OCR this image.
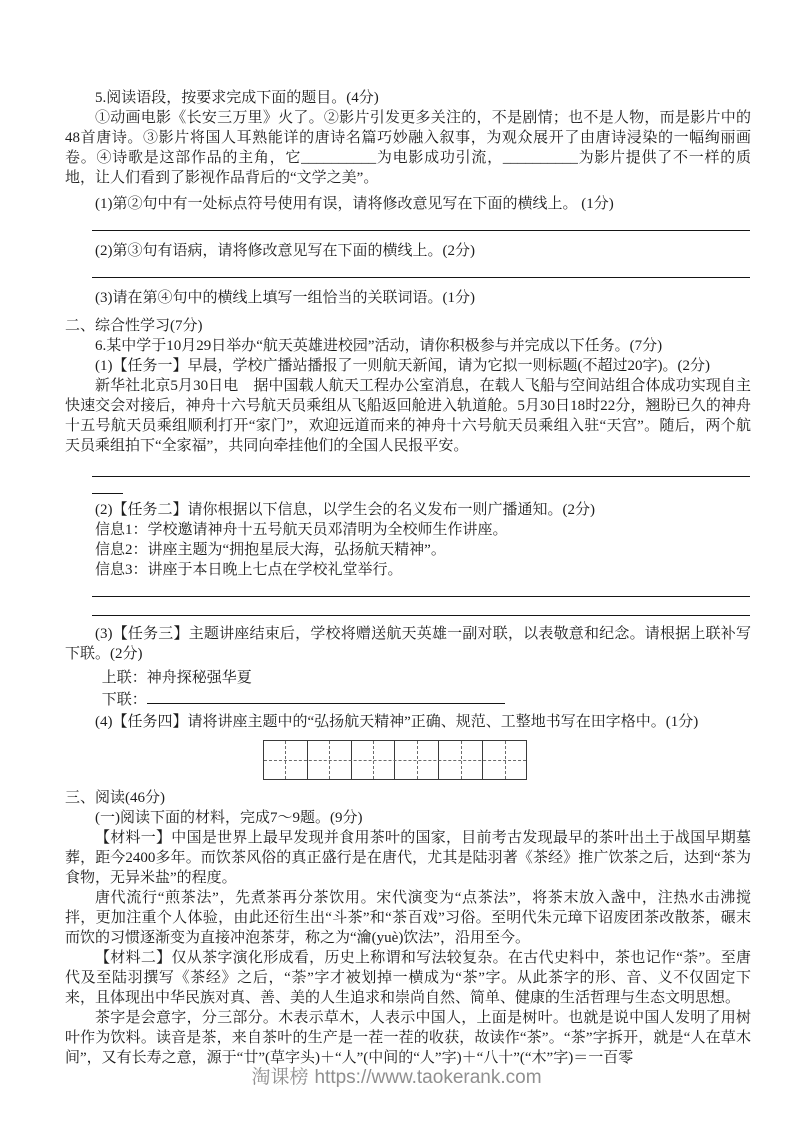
5.阅读语段，按要求完成下面的题目。(4分)

①动画电影《长安三万里》火了。②影片引发更多关注的，不是剧情；也不是人物，而是影片中的48首唐诗。③影片将国人耳熟能详的唐诗名篇巧妙融入叙事，为观众展开了由唐诗浸染的一幅绚丽画卷。④诗歌是这部作品的主角，它__________为电影成功引流，__________为影片提供了不一样的质地，让人们看到了影视作品背后的“文学之美”。

(1)第②句中有一处标点符号使用有误，请将修改意见写在下面的横线上。 (1分)

(2)第③句有语病，请将修改意见写在下面的横线上。(2分)

(3)请在第④句中的横线上填写一组恰当的关联词语。(1分)

二、综合性学习(7分)

6.某中学于10月29日举办“航天英雄进校园”活动，请你积极参与并完成以下任务。(7分)

(1)【任务一】早晨，学校广播站播报了一则航天新闻，请为它拟一则标题(不超过20字)。(2分)

新华社北京5月30日电　据中国载人航天工程办公室消息，在载人飞船与空间站组合体成功实现自主快速交会对接后，神舟十六号航天员乘组从飞船返回舱进入轨道舱。5月30日18时22分，翘盼已久的神舟十五号航天员乘组顺利打开“家门”，欢迎远道而来的神舟十六号航天员乘组入驻“天宫”。随后，两个航天员乘组拍下“全家福”，共同向牵挂他们的全国人民报平安。

(2)【任务二】请你根据以下信息，以学生会的名义发布一则广播通知。(2分)

信息1：学校邀请神舟十五号航天员邓清明为全校师生作讲座。

信息2：讲座主题为“拥抱星辰大海，弘扬航天精神”。

信息3：讲座于本日晚上七点在学校礼堂举行。

(3)【任务三】主题讲座结束后，学校将赠送航天英雄一副对联，以表敬意和纪念。请根据上联补写下联。(2分)

上联：神舟探秘强华夏

下联：

(4)【任务四】请将讲座主题中的“弘扬航天精神”正确、规范、工整地书写在田字格中。(1分)

三、阅读(46分)

(一)阅读下面的材料，完成7～9题。(9分)

【材料一】中国是世界上最早发现并食用茶叶的国家，目前考古发现最早的茶叶出土于战国早期墓葬，距今2400多年。而饮茶风俗的真正盛行是在唐代，尤其是陆羽著《茶经》推广饮茶之后，达到“茶为食物，无异米盐”的程度。

唐代流行“煎茶法”，先煮茶再分茶饮用。宋代演变为“点茶法”，将茶末放入盏中，注热水击沸搅拌，更加注重个人体验，由此还衍生出“斗茶”和“茶百戏”习俗。至明代朱元璋下诏废团茶改散茶，碾末而饮的习惯逐渐变为直接冲泡茶芽，称之为“瀹(yuè)饮法”，沿用至今。

【材料二】仅从茶字演化形成看，历史上称谓和写法较复杂。在古代史料中，茶也记作“荼”。至唐代及至陆羽撰写《茶经》之后，“荼”字才被划掉一横成为“茶”字。从此茶字的形、音、义不仅固定下来，且体现出中华民族对真、善、美的人生追求和崇尚自然、简单、健康的生活哲理与生态文明思想。

茶字是会意字，分三部分。木表示草木，人表示中国人，上面是树叶。也就是说中国人发明了用树叶作为饮料。读音是茶，来自茶叶的生产是一茬一茬的收获，故读作“茶”。“茶”字拆开，就是“人在草木间”，又有长寿之意，源于“廿”(草字头)＋“人”(中间的“人”字)＋“八十”(“木”字)＝一百零

淘课榜 https://www.taokerank.com
